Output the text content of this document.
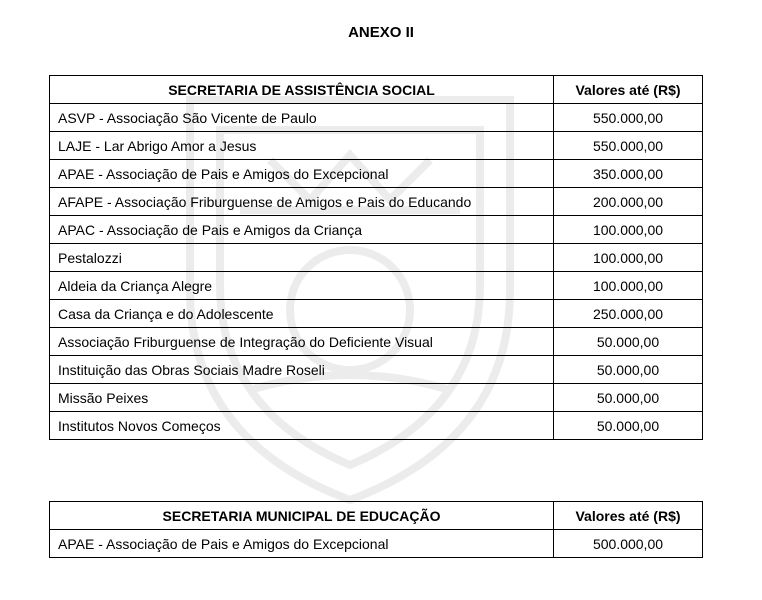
ANEXO II
SECRETARIA DE ASSISTÊNCIA SOCIAL	Valores até (R$)
ASVP - Associação São Vicente de Paulo	550.000,00
LAJE - Lar Abrigo Amor a Jesus	550.000,00
APAE - Associação de Pais e Amigos do Excepcional	350.000,00
AFAPE - Associação Friburguense de Amigos e Pais do Educando	200.000,00
APAC - Associação de Pais e Amigos da Criança	100.000,00
Pestalozzi	100.000,00
Aldeia da Criança Alegre	100.000,00
Casa da Criança e do Adolescente	250.000,00
Associação Friburguense de Integração do Deficiente Visual	50.000,00
Instituição das Obras Sociais Madre Roseli	50.000,00
Missão Peixes	50.000,00
Institutos Novos Começos	50.000,00
SECRETARIA MUNICIPAL DE EDUCAÇÃO	Valores até (R$)
APAE - Associação de Pais e Amigos do Excepcional	500.000,00
